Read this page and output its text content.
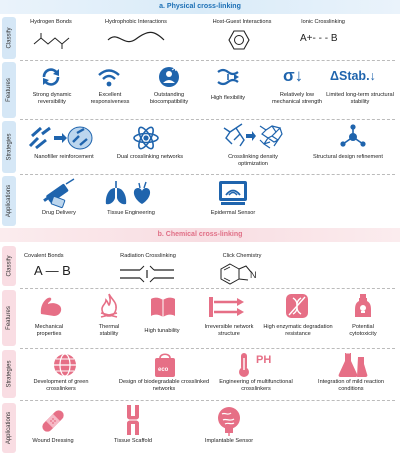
a. Physical cross-linking
Classify
Features
Strategies
Applications
Hydrogen Bonds	Hydrophobic Interactions	Host-Guest Interactions	Ionic Crosslinking
A+- - - B
Strong dynamic reversibility
Excellent responsiveness
Outstanding biocompatibility
High flexibility
σ↓
Relatively low mechanical strength
ΔStab.↓
Limited long-term structural stability
Nanofiller reinforcement	Dual crosslinking networks	Crosslinking density optimization
Structural design refinement
Drug Delivery	Tissue Engineering	Epidermal Sensor
b. Chemical cross-linking
Classify
Features
Strategies
Applications
Covalent Bonds
A — B
Radiation Crosslinking	Click Chemistry
N
Mechanical properties
Thermal stability	High tunability
Irreversible network structure
High enzymatic degradation resistance
Potential cytotoxicity
Development of green crosslinkers
eco
Design of biodegradable crosslinked networks
PH
Engineering of multifunctional crosslinkers
Integration of mild reaction conditions
Wound Dressing	Tissue Scaffold	Implantable Sensor
